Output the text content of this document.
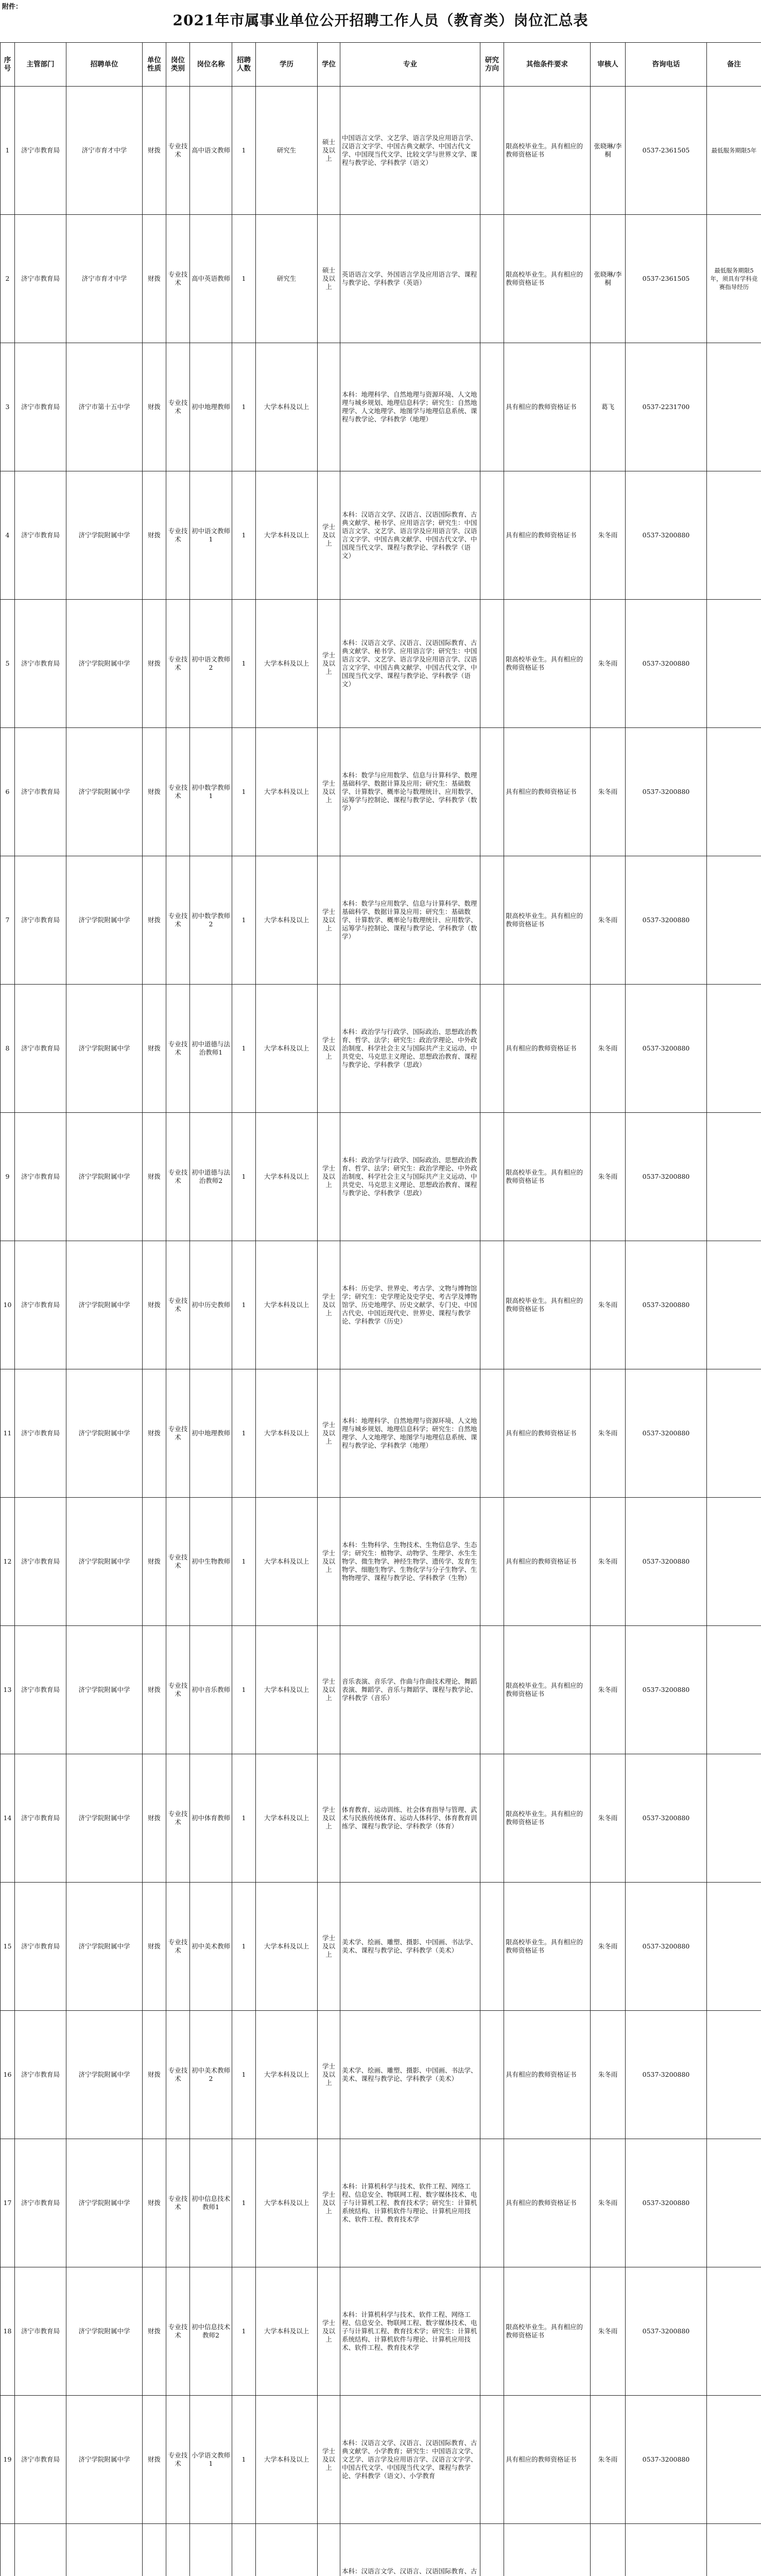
附件：
2021年市属事业单位公开招聘工作人员（教育类）岗位汇总表
序号	主管部门	招聘单位	单位性质	岗位类别	岗位名称	招聘人数	学历	学位	专业	研究方向	其他条件要求	审核人	咨询电话	备注
1	济宁市教育局	济宁市育才中学	财拨	专业技术	高中语文教师	1	研究生	硕士及以上	中国语言文学、文艺学、语言学及应用语言学、汉语言文字学、中国古典文献学、中国古代文学、中国现当代文学、比较文学与世界文学、课程与教学论、学科教学（语文）		限高校毕业生。具有相应的教师资格证书	张晓琳/李桐	0537-2361505	最低服务期限5年
2	济宁市教育局	济宁市育才中学	财拨	专业技术	高中英语教师	1	研究生	硕士及以上	英语语言文学、外国语言学及应用语言学、课程与教学论、学科教学（英语）		限高校毕业生。具有相应的教师资格证书	张晓琳/李桐	0537-2361505	最低服务期限5年，须具有学科竞赛指导经历
3	济宁市教育局	济宁市第十五中学	财拨	专业技术	初中地理教师	1	大学本科及以上		本科：地理科学、自然地理与资源环境、人文地理与城乡规划、地理信息科学；研究生：自然地理学、人文地理学、地图学与地理信息系统、课程与教学论、学科教学（地理）		具有相应的教师资格证书	葛飞	0537-2231700	
4	济宁市教育局	济宁学院附属中学	财拨	专业技术	初中语文教师1	1	大学本科及以上	学士及以上	本科：汉语言文学、汉语言、汉语国际教育、古典文献学、秘书学、应用语言学；研究生：中国语言文学、文艺学、语言学及应用语言学、汉语言文字学、中国古典文献学、中国古代文学、中国现当代文学、课程与教学论、学科教学（语文）		具有相应的教师资格证书	朱冬雨	0537-3200880	
5	济宁市教育局	济宁学院附属中学	财拨	专业技术	初中语文教师2	1	大学本科及以上	学士及以上	本科：汉语言文学、汉语言、汉语国际教育、古典文献学、秘书学、应用语言学；研究生：中国语言文学、文艺学、语言学及应用语言学、汉语言文字学、中国古典文献学、中国古代文学、中国现当代文学、课程与教学论、学科教学（语文）		限高校毕业生。具有相应的教师资格证书	朱冬雨	0537-3200880	
6	济宁市教育局	济宁学院附属中学	财拨	专业技术	初中数学教师1	1	大学本科及以上	学士及以上	本科：数学与应用数学、信息与计算科学、数理基础科学、数据计算及应用；研究生：基础数学、计算数学、概率论与数理统计、应用数学、运筹学与控制论、课程与教学论、学科教学（数学）		具有相应的教师资格证书	朱冬雨	0537-3200880	
7	济宁市教育局	济宁学院附属中学	财拨	专业技术	初中数学教师2	1	大学本科及以上	学士及以上	本科：数学与应用数学、信息与计算科学、数理基础科学、数据计算及应用；研究生：基础数学、计算数学、概率论与数理统计、应用数学、运筹学与控制论、课程与教学论、学科教学（数学）		限高校毕业生。具有相应的教师资格证书	朱冬雨	0537-3200880	
8	济宁市教育局	济宁学院附属中学	财拨	专业技术	初中道德与法治教师1	1	大学本科及以上	学士及以上	本科：政治学与行政学、国际政治、思想政治教育、哲学、法学；研究生：政治学理论、中外政治制度、科学社会主义与国际共产主义运动、中共党史、马克思主义理论、思想政治教育、课程与教学论、学科教学（思政）		具有相应的教师资格证书	朱冬雨	0537-3200880	
9	济宁市教育局	济宁学院附属中学	财拨	专业技术	初中道德与法治教师2	1	大学本科及以上	学士及以上	本科：政治学与行政学、国际政治、思想政治教育、哲学、法学；研究生：政治学理论、中外政治制度、科学社会主义与国际共产主义运动、中共党史、马克思主义理论、思想政治教育、课程与教学论、学科教学（思政）		限高校毕业生。具有相应的教师资格证书	朱冬雨	0537-3200880	
10	济宁市教育局	济宁学院附属中学	财拨	专业技术	初中历史教师	1	大学本科及以上	学士及以上	本科：历史学、世界史、考古学、文物与博物馆学；研究生：史学理论及史学史、考古学及博物馆学、历史地理学、历史文献学、专门史、中国古代史、中国近现代史、世界史、课程与教学论、学科教学（历史）		限高校毕业生。具有相应的教师资格证书	朱冬雨	0537-3200880	
11	济宁市教育局	济宁学院附属中学	财拨	专业技术	初中地理教师	1	大学本科及以上	学士及以上	本科：地理科学、自然地理与资源环境、人文地理与城乡规划、地理信息科学；研究生：自然地理学、人文地理学、地图学与地理信息系统、课程与教学论、学科教学（地理）		具有相应的教师资格证书	朱冬雨	0537-3200880	
12	济宁市教育局	济宁学院附属中学	财拨	专业技术	初中生物教师	1	大学本科及以上	学士及以上	本科：生物科学、生物技术、生物信息学、生态学；研究生：植物学、动物学、生理学、水生生物学、微生物学、神经生物学、遗传学、发育生物学、细胞生物学、生物化学与分子生物学、生物物理学、课程与教学论、学科教学（生物）		具有相应的教师资格证书	朱冬雨	0537-3200880	
13	济宁市教育局	济宁学院附属中学	财拨	专业技术	初中音乐教师	1	大学本科及以上	学士及以上	音乐表演、音乐学、作曲与作曲技术理论、舞蹈表演、舞蹈学、音乐与舞蹈学、课程与教学论、学科教学（音乐）		限高校毕业生。具有相应的教师资格证书	朱冬雨	0537-3200880	
14	济宁市教育局	济宁学院附属中学	财拨	专业技术	初中体育教师	1	大学本科及以上	学士及以上	体育教育、运动训练、社会体育指导与管理、武术与民族传统体育、运动人体科学、体育教育训练学、课程与教学论、学科教学（体育）		限高校毕业生。具有相应的教师资格证书	朱冬雨	0537-3200880	
15	济宁市教育局	济宁学院附属中学	财拨	专业技术	初中美术教师	1	大学本科及以上	学士及以上	美术学、绘画、雕塑、摄影、中国画、书法学、美术、课程与教学论、学科教学（美术）		限高校毕业生。具有相应的教师资格证书	朱冬雨	0537-3200880	
16	济宁市教育局	济宁学院附属中学	财拨	专业技术	初中美术教师2	1	大学本科及以上	学士及以上	美术学、绘画、雕塑、摄影、中国画、书法学、美术、课程与教学论、学科教学（美术）		具有相应的教师资格证书	朱冬雨	0537-3200880	
17	济宁市教育局	济宁学院附属中学	财拨	专业技术	初中信息技术教师1	1	大学本科及以上	学士及以上	本科：计算机科学与技术、软件工程、网络工程、信息安全、物联网工程、数字媒体技术、电子与计算机工程、教育技术学；研究生：计算机系统结构、计算机软件与理论、计算机应用技术、软件工程、教育技术学		具有相应的教师资格证书	朱冬雨	0537-3200880	
18	济宁市教育局	济宁学院附属中学	财拨	专业技术	初中信息技术教师2	1	大学本科及以上	学士及以上	本科：计算机科学与技术、软件工程、网络工程、信息安全、物联网工程、数字媒体技术、电子与计算机工程、教育技术学；研究生：计算机系统结构、计算机软件与理论、计算机应用技术、软件工程、教育技术学		限高校毕业生。具有相应的教师资格证书	朱冬雨	0537-3200880	
19	济宁市教育局	济宁学院附属中学	财拨	专业技术	小学语文教师1	1	大学本科及以上	学士及以上	本科：汉语言文学、汉语言、汉语国际教育、古典文献学、小学教育；研究生：中国语言文学、文艺学、语言学及应用语言学、汉语言文字学、中国古代文学、中国现当代文学、课程与教学论、学科教学（语文）、小学教育		具有相应的教师资格证书	朱冬雨	0537-3200880	
									本科：汉语言文学、汉语言、汉语国际教育、古					
